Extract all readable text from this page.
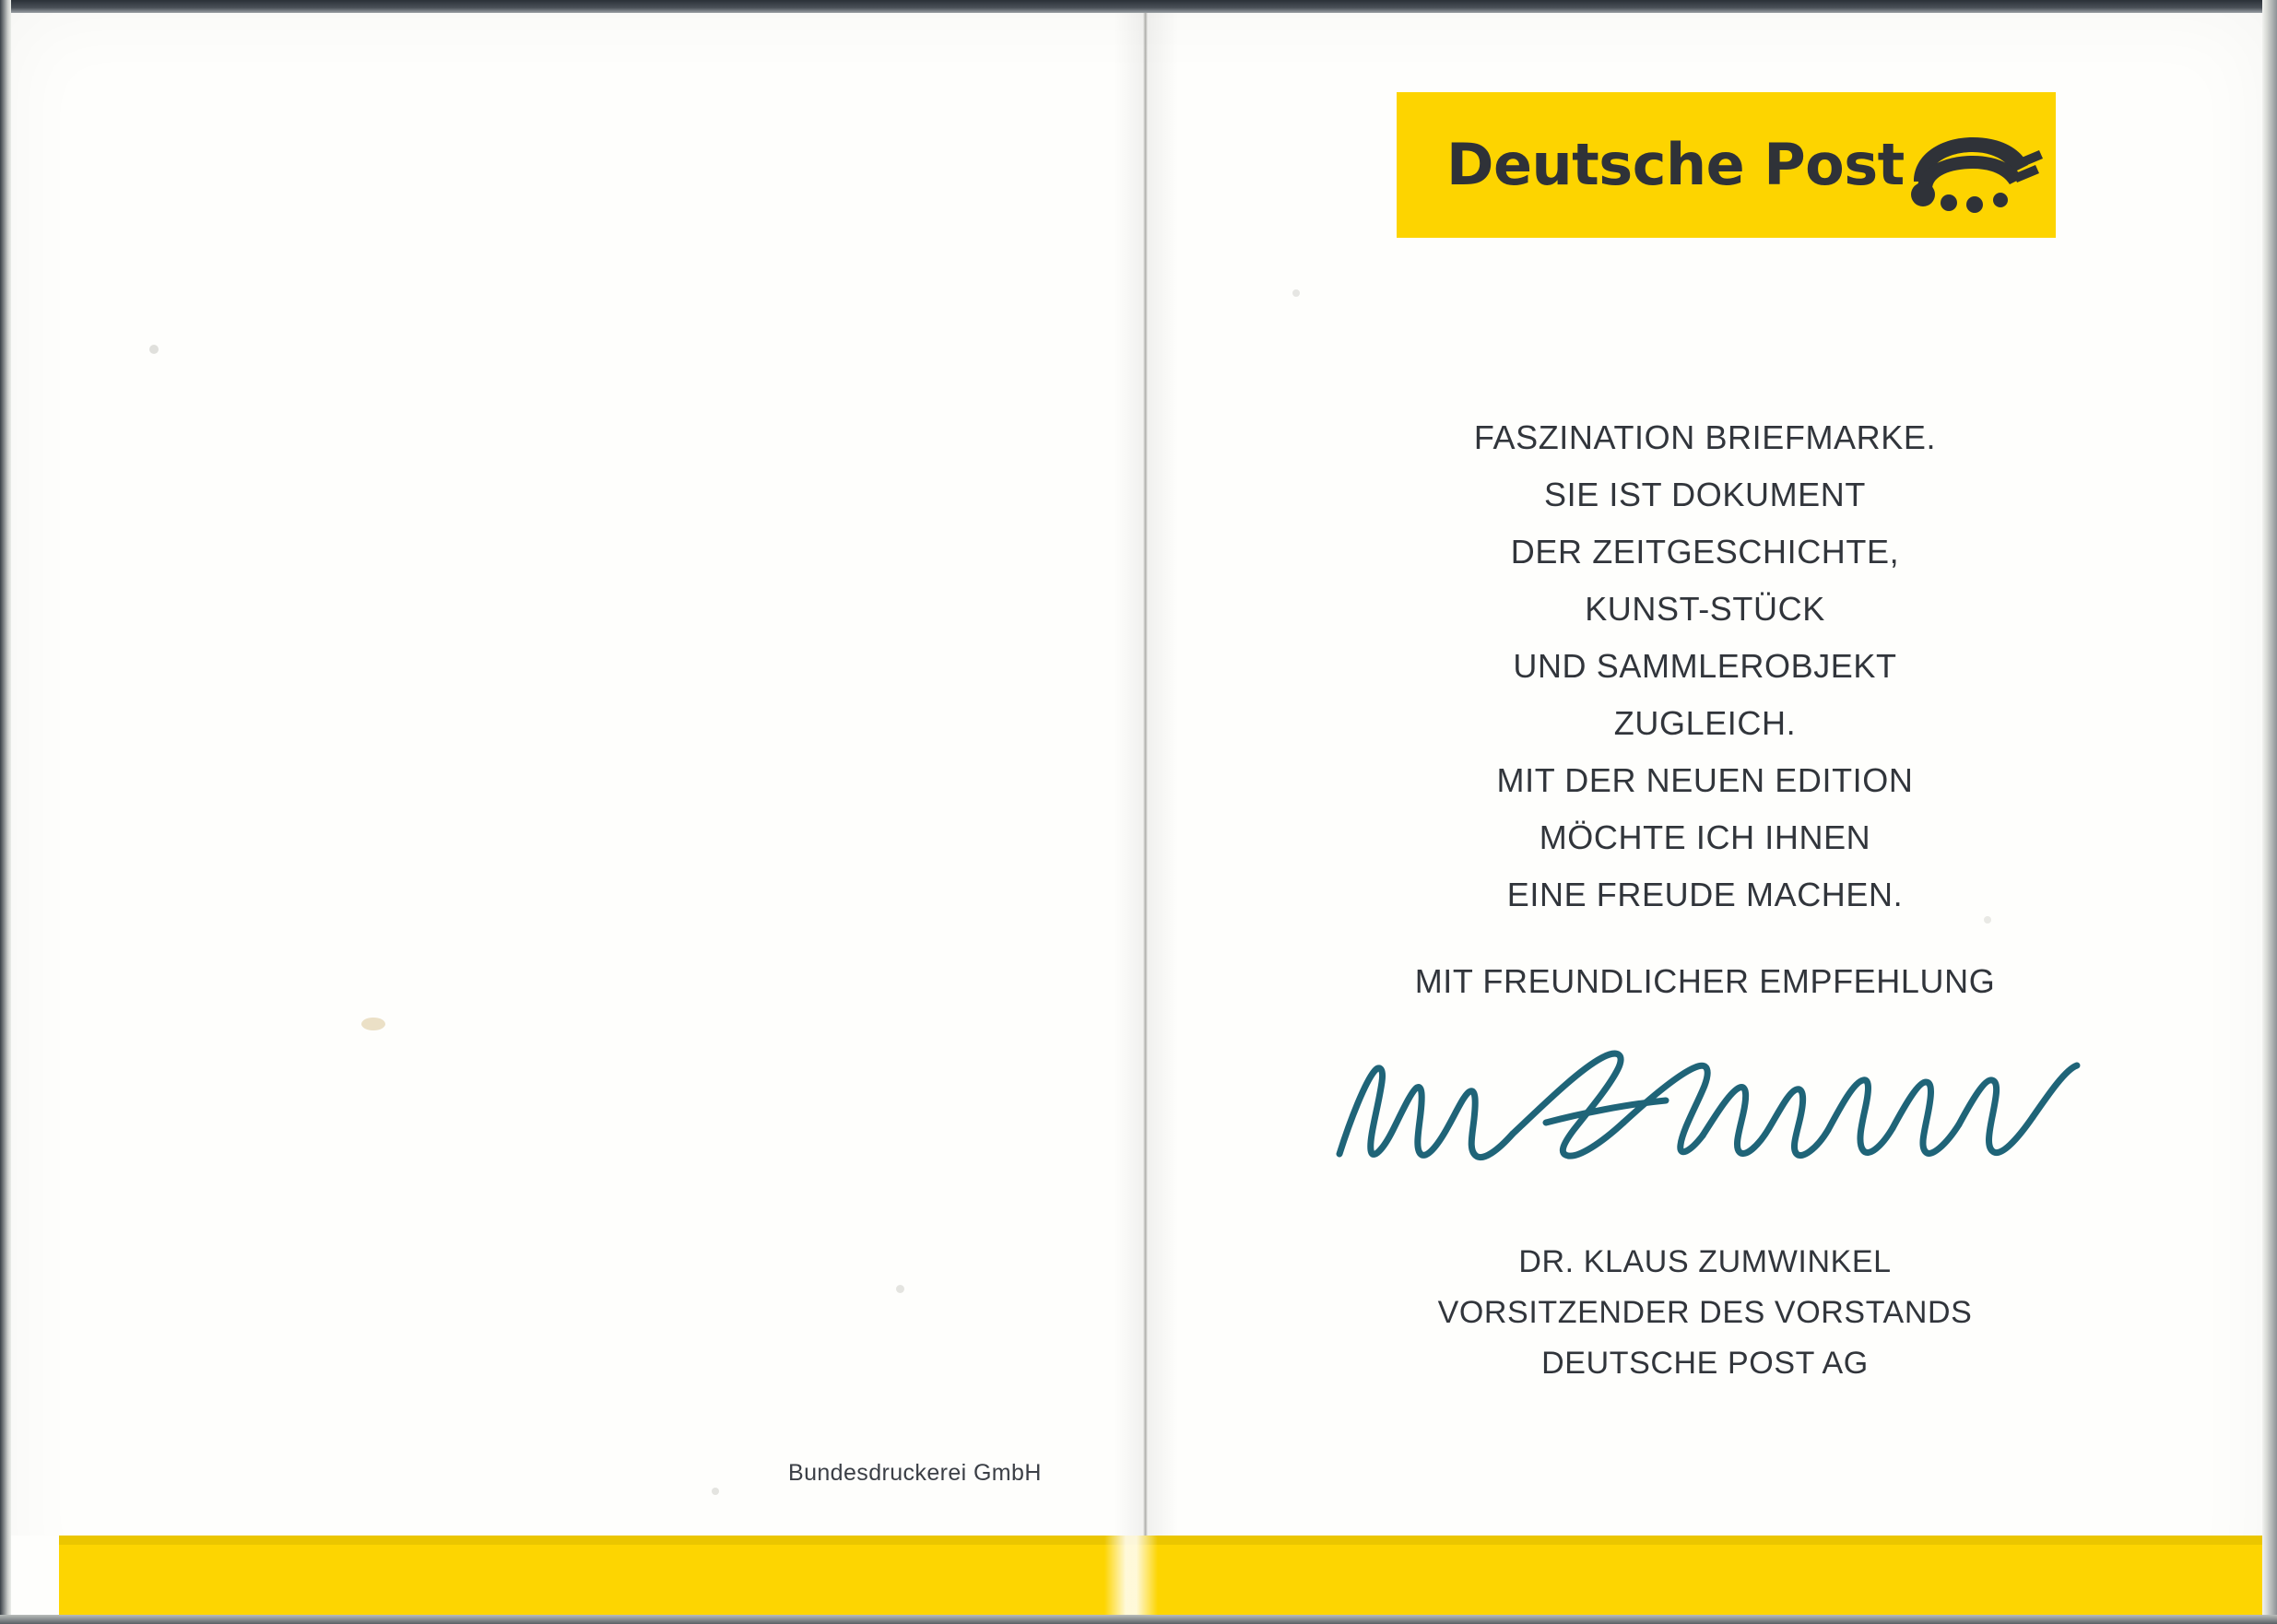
Bundesdruckerei GmbH
Deutsche Post
FASZINATION BRIEFMARKE.
SIE IST DOKUMENT
DER ZEITGESCHICHTE,
KUNST-STÜCK
UND SAMMLEROBJEKT
ZUGLEICH.
MIT DER NEUEN EDITION
MÖCHTE ICH IHNEN
EINE FREUDE MACHEN.
MIT FREUNDLICHER EMPFEHLUNG
DR. KLAUS ZUMWINKEL
VORSITZENDER DES VORSTANDS
DEUTSCHE POST AG
